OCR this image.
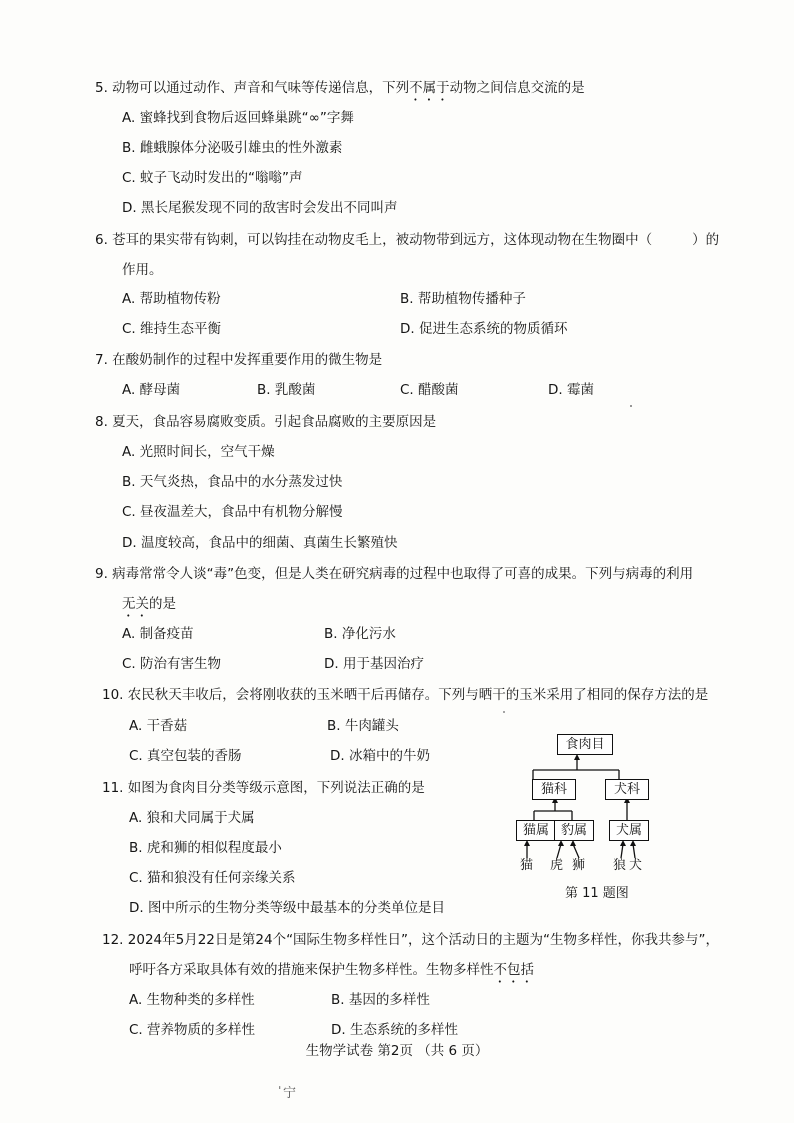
5. 动物可以通过动作、声音和气味等传递信息，下列不属于动物之间信息交流的是
A. 蜜蜂找到食物后返回蜂巢跳“∞”字舞
B. 雌蛾腺体分泌吸引雄虫的性外激素
C. 蚊子飞动时发出的“嗡嗡”声
D. 黑长尾猴发现不同的敌害时会发出不同叫声
6. 苍耳的果实带有钩刺，可以钩挂在动物皮毛上，被动物带到远方，这体现动物在生物圈中（	）的
作用。
A. 帮助植物传粉	B. 帮助植物传播种子
C. 维持生态平衡	D. 促进生态系统的物质循环
7. 在酸奶制作的过程中发挥重要作用的微生物是
A. 酵母菌	B. 乳酸菌	C. 醋酸菌	D. 霉菌
8. 夏天，食品容易腐败变质。引起食品腐败的主要原因是
A. 光照时间长，空气干燥
B. 天气炎热，食品中的水分蒸发过快
C. 昼夜温差大，食品中有机物分解慢
D. 温度较高，食品中的细菌、真菌生长繁殖快
9. 病毒常常令人谈“毒”色变，但是人类在研究病毒的过程中也取得了可喜的成果。下列与病毒的利用
无关的是
A. 制备疫苗	B. 净化污水
C. 防治有害生物	D. 用于基因治疗
10. 农民秋天丰收后，会将刚收获的玉米晒干后再储存。下列与晒干的玉米采用了相同的保存方法的是
A. 干香菇	B. 牛肉罐头
C. 真空包装的香肠	D. 冰箱中的牛奶
11. 如图为食肉目分类等级示意图，下列说法正确的是
A. 狼和犬同属于犬属
B. 虎和狮的相似程度最小
C. 猫和狼没有任何亲缘关系
D. 图中所示的生物分类等级中最基本的分类单位是目
食肉目
猫科	犬科
猫属 豹属	犬属
猫 虎 狮 狼 犬
第 11 题图
12. 2024年5月22日是第24个“国际生物多样性日”，这个活动日的主题为“生物多样性，你我共参与”，
呼吁各方采取具体有效的措施来保护生物多样性。生物多样性不包括
A. 生物种类的多样性	B. 基因的多样性
C. 营养物质的多样性	D. 生态系统的多样性
生物学试卷 第2页 （共 6 页）
̍宁
